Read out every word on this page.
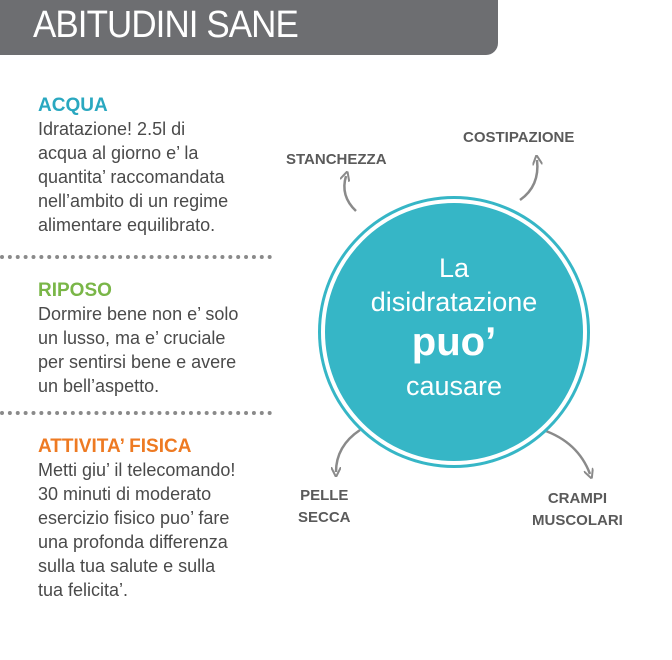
ABITUDINI SANE
ACQUA
Idratazione! 2.5l di
acqua al giorno e’ la
quantita’ raccomandata
nell’ambito di un regime
alimentare equilibrato.
RIPOSO
Dormire bene non e’ solo
un lusso, ma e’ cruciale
per sentirsi bene e avere
un bell’aspetto.
ATTIVITA’ FISICA
Metti giu’ il telecomando!
30 minuti di moderato
esercizio fisico puo’ fare
una profonda differenza
sulla tua salute e sulla
tua felicita’.
La
disidratazione
puo’
causare
STANCHEZZA
COSTIPAZIONE
PELLE
SECCA
CRAMPI
MUSCOLARI
